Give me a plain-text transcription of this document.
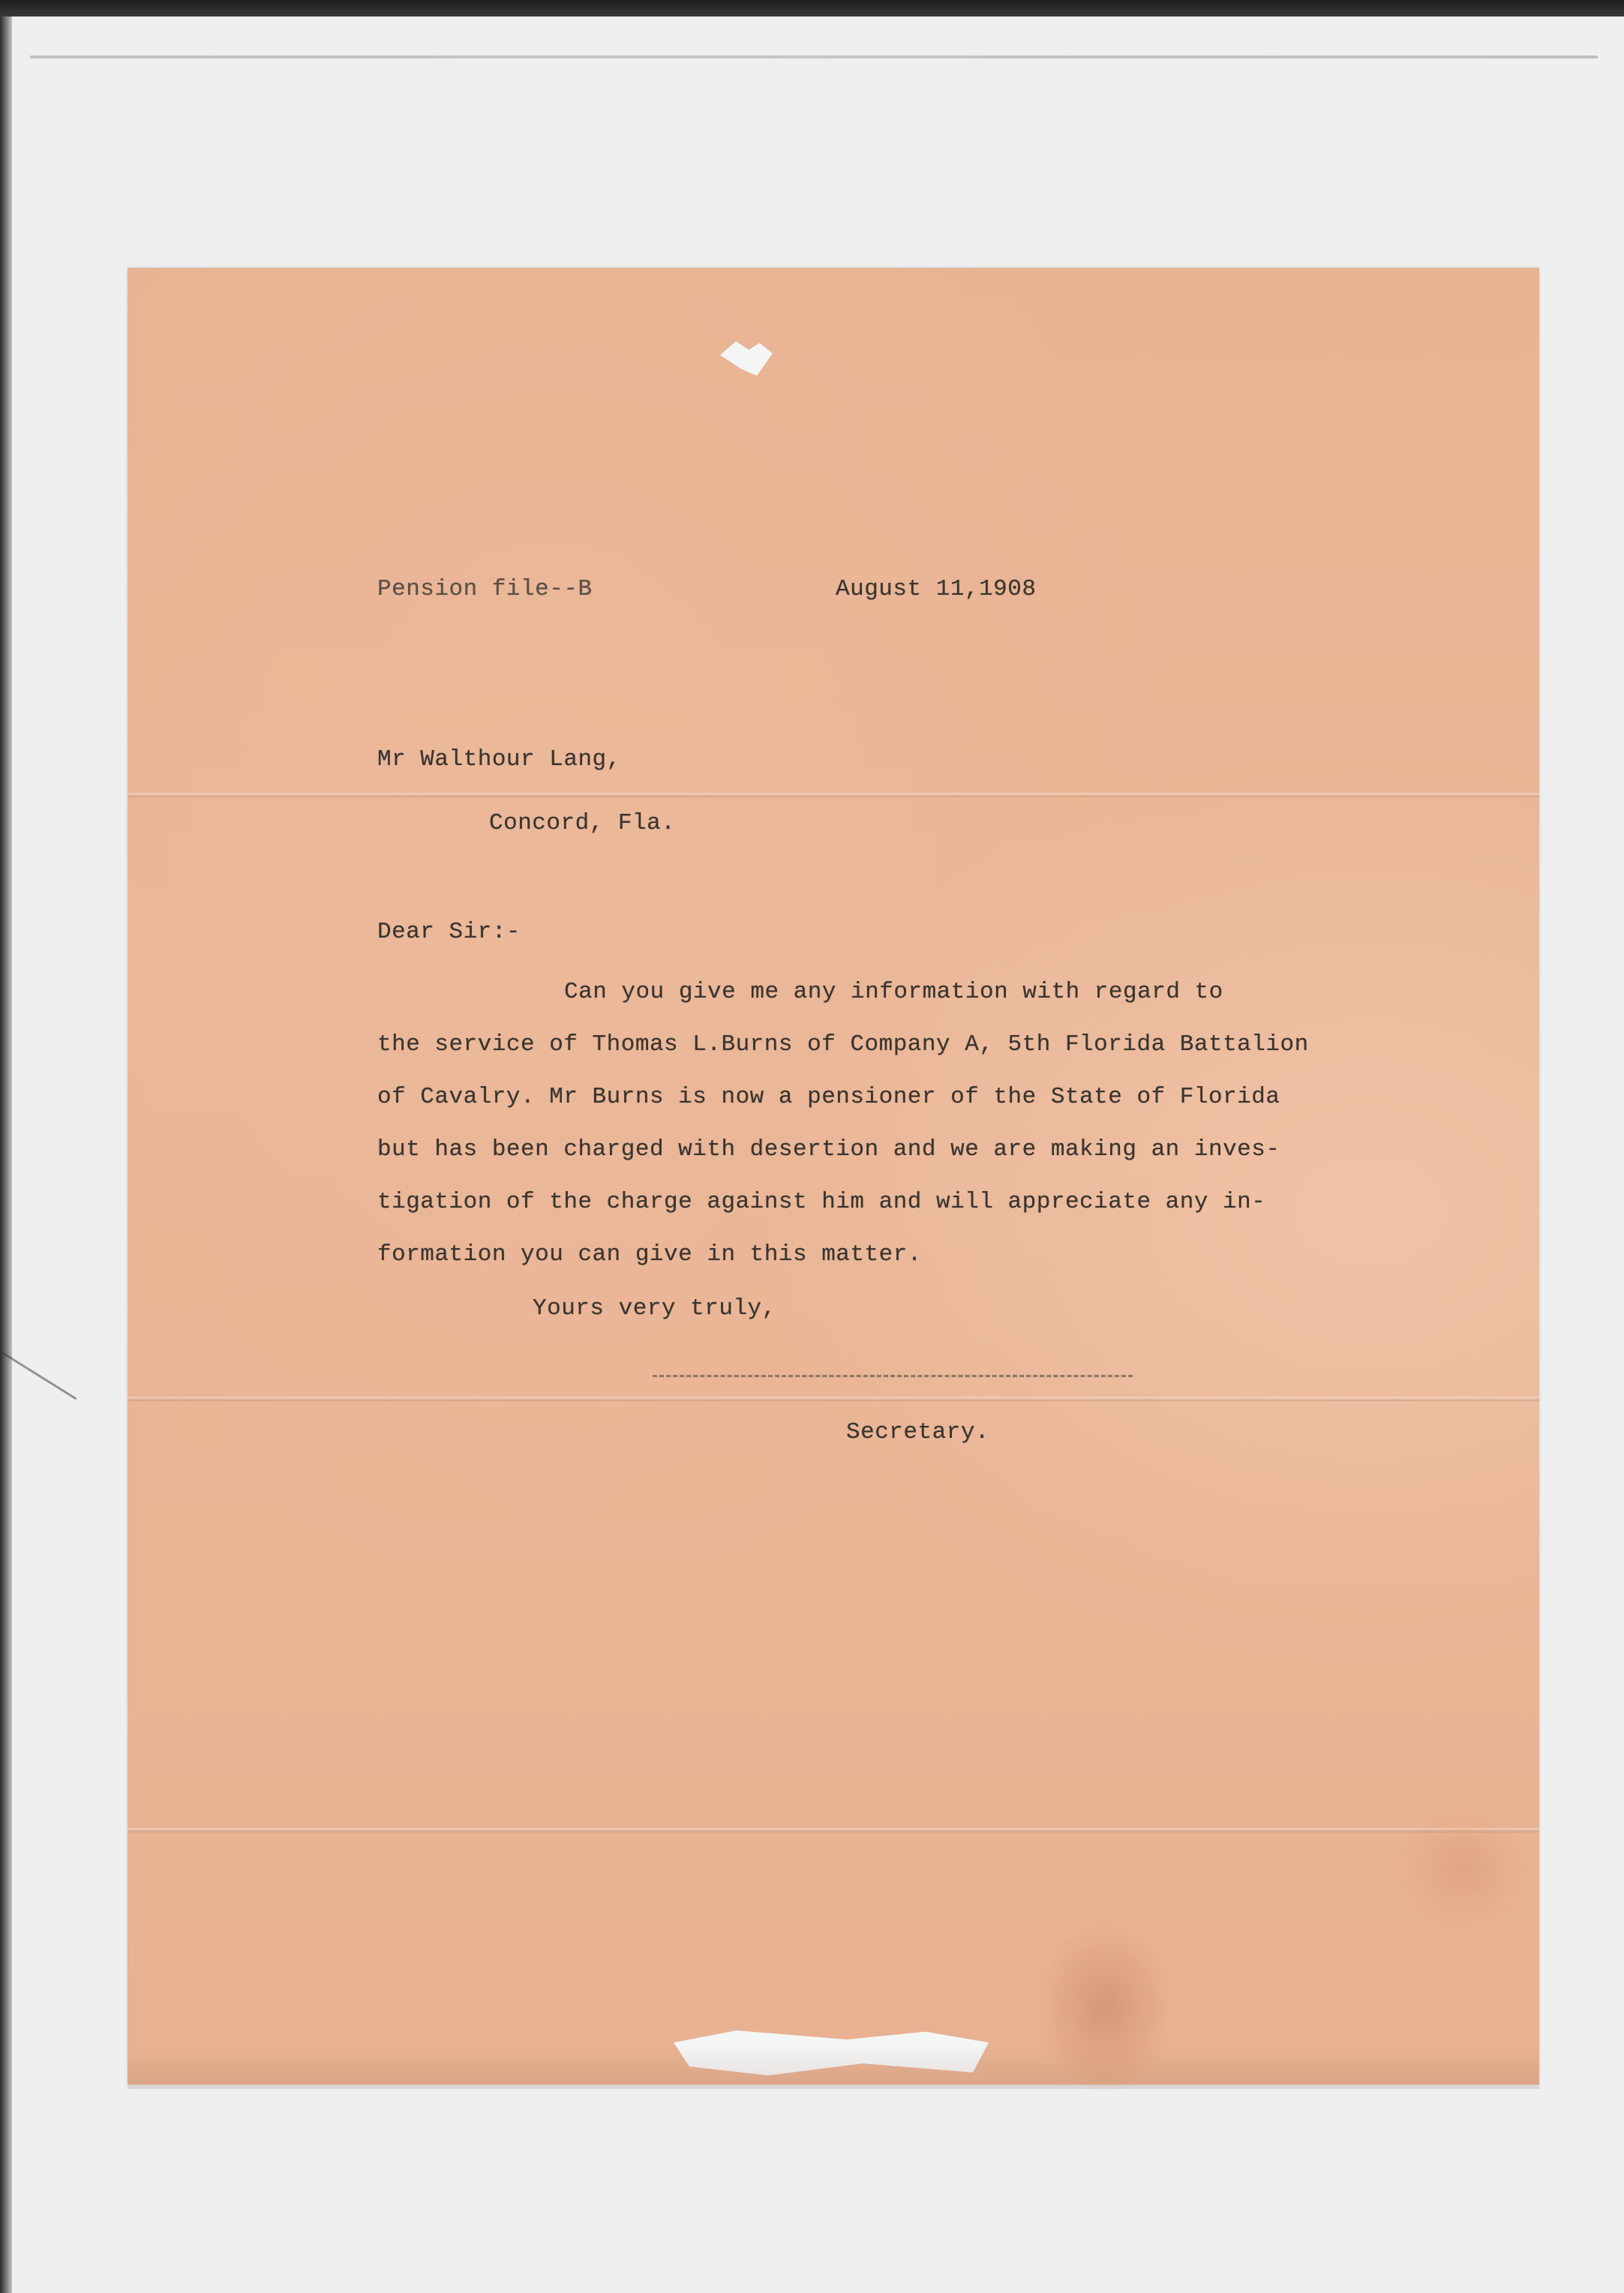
Pension file--B	August 11,1908
Mr Walthour Lang,
Concord, Fla.
Dear Sir:-
Can you give me any information with regard to
the service of Thomas L.Burns of Company A, 5th Florida Battalion
of Cavalry. Mr Burns is now a pensioner of the State of Florida
but has been charged with desertion and we are making an inves-
tigation of the charge against him and will appreciate any in-
formation you can give in this matter.
Yours very truly,
Secretary.
